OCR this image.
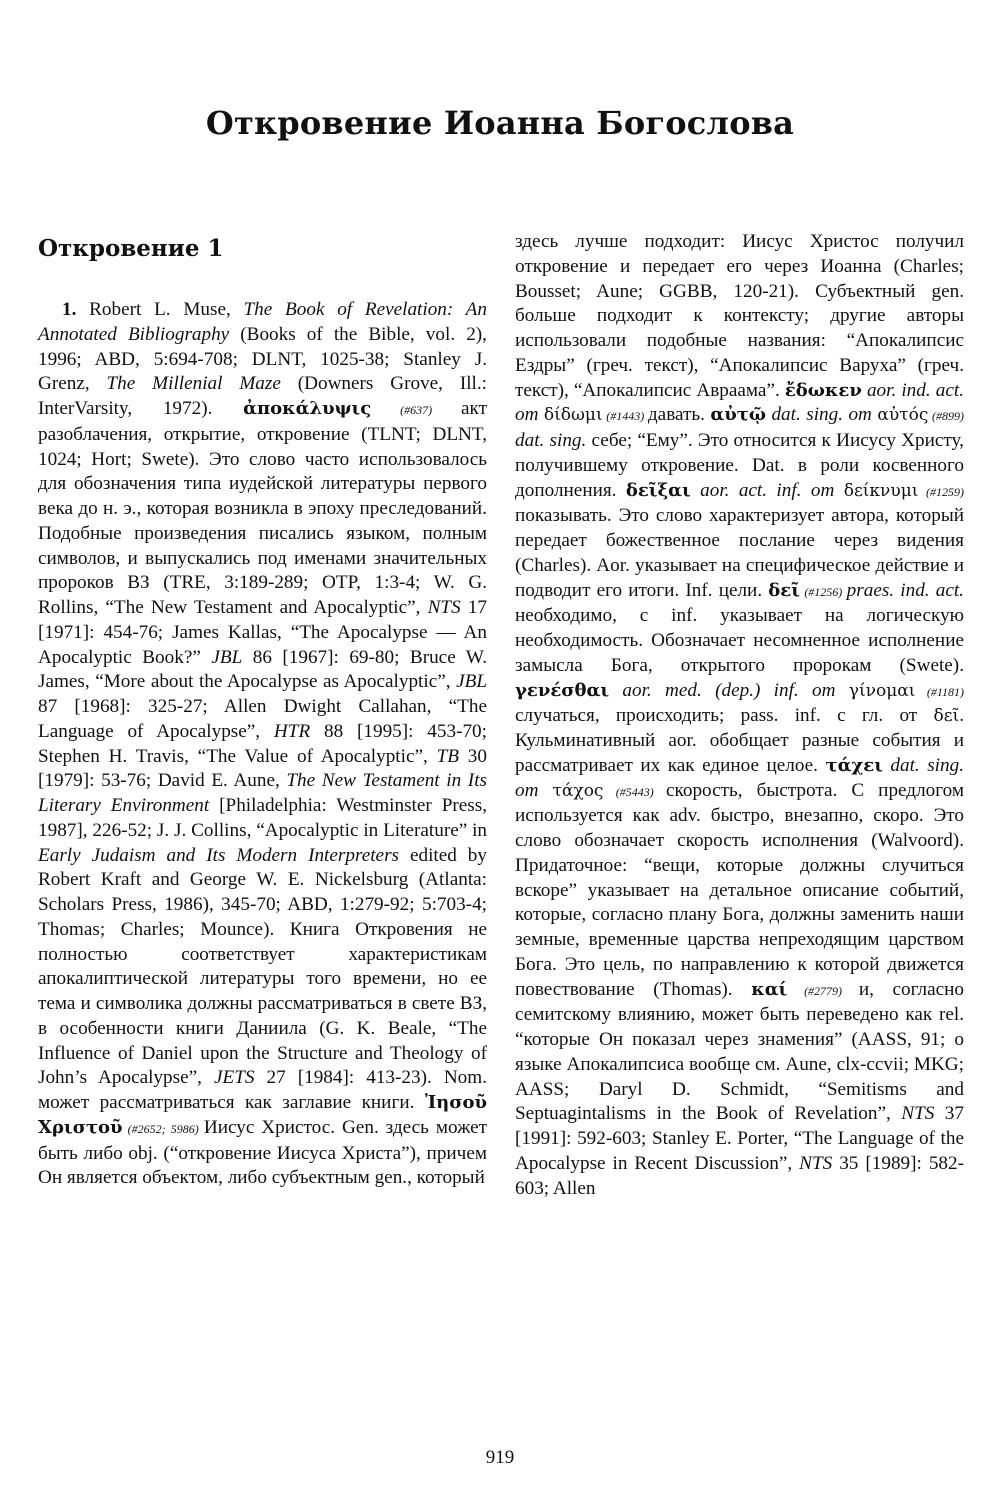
Откровение Иоанна Богослова
Откровение 1

1. Robert L. Muse, The Book of Revelation: An Annotated Bibliography (Books of the Bible, vol. 2), 1996; ABD, 5:694-708; DLNT, 1025-38; Stanley J. Grenz, The Millenial Maze (Downers Grove, Ill.: InterVarsity, 1972). ἀποκάλυψις (#637) акт разоблачения, открытие, откровение (TLNT; DLNT, 1024; Hort; Swete). Это слово часто использовалось для обозначения типа иудейской литературы первого века до н. э., которая возникла в эпоху преследований. Подобные произведения писались языком, полным символов, и выпускались под именами значительных пророков ВЗ (TRE, 3:189-289; OTP, 1:3-4; W. G. Rollins, “The New Testament and Apocalyptic”, NTS 17 [1971]: 454-76; James Kallas, “The Apocalypse — An Apocalyptic Book?” JBL 86 [1967]: 69-80; Bruce W. James, “More about the Apocalypse as Apocalyptic”, JBL 87 [1968]: 325-27; Allen Dwight Callahan, “The Language of Apocalypse”, HTR 88 [1995]: 453-70; Stephen H. Travis, “The Value of Apocalyptic”, TB 30 [1979]: 53-76; David E. Aune, The New Testament in Its Literary Environment [Philadelphia: Westminster Press, 1987], 226-52; J. J. Collins, “Apocalyptic in Literature” in Early Judaism and Its Modern Interpreters edited by Robert Kraft and George W. E. Nickelsburg (Atlanta: Scholars Press, 1986), 345-70; ABD, 1:279-92; 5:703-4; Thomas; Charles; Mounce). Книга Откровения не полностью соответствует характеристикам апокалиптической литературы того времени, но ее тема и символика должны рассматриваться в свете ВЗ, в особенности книги Даниила (G. K. Beale, “The Influence of Daniel upon the Structure and Theology of John’s Apocalypse”, JETS 27 [1984]: 413-23). Nom. может рассматриваться как заглавие книги. Ἰησοῦ Χριστοῦ (#2652; 5986) Иисус Христос. Gen. здесь может быть либо obj. (“откровение Иисуса Христа”), причем Он является объектом, либо субъектным gen., который

здесь лучше подходит: Иисус Христос получил откровение и передает его через Иоанна (Charles; Bousset; Aune; GGBB, 120-21). Субъектный gen. больше подходит к контексту; другие авторы использовали подобные названия: “Апокалипсис Ездры” (греч. текст), “Апокалипсис Варуха” (греч. текст), “Апокалипсис Авраама”. ἔδωκεν aor. ind. act. от δίδωμι (#1443) давать. αὐτῷ dat. sing. от αὐτός (#899) dat. sing. себе; “Ему”. Это относится к Иисусу Христу, получившему откровение. Dat. в роли косвенного дополнения. δεῖξαι aor. act. inf. от δείκνυμι (#1259) показывать. Это слово характеризует автора, который передает божественное послание через видения (Charles). Aor. указывает на специфическое действие и подводит его итоги. Inf. цели. δεῖ (#1256) praes. ind. act. необходимо, с inf. указывает на логическую необходимость. Обозначает несомненное исполнение замысла Бога, открытого пророкам (Swete). γενέσθαι aor. med. (dep.) inf. от γίνομαι (#1181) случаться, происходить; pass. inf. с гл. от δεῖ. Кульминативный aor. обобщает разные события и рассматривает их как единое целое. τάχει dat. sing. от τάχος (#5443) скорость, быстрота. С предлогом используется как adv. быстро, внезапно, скоро. Это слово обозначает скорость исполнения (Walvoord). Придаточное: “вещи, которые должны случиться вскоре” указывает на детальное описание событий, которые, согласно плану Бога, должны заменить наши земные, временные царства непреходящим царством Бога. Это цель, по направлению к которой движется повествование (Thomas). καί (#2779) и, согласно семитскому влиянию, может быть переведено как rel. “которые Он показал через знамения” (AASS, 91; о языке Апокалипсиса вообще см. Aune, clx-ccvii; MKG; AASS; Daryl D. Schmidt, “Semitisms and Septuagintalisms in the Book of Revelation”, NTS 37 [1991]: 592-603; Stanley E. Porter, “The Language of the Apocalypse in Recent Discussion”, NTS 35 [1989]: 582-603; Allen

919
